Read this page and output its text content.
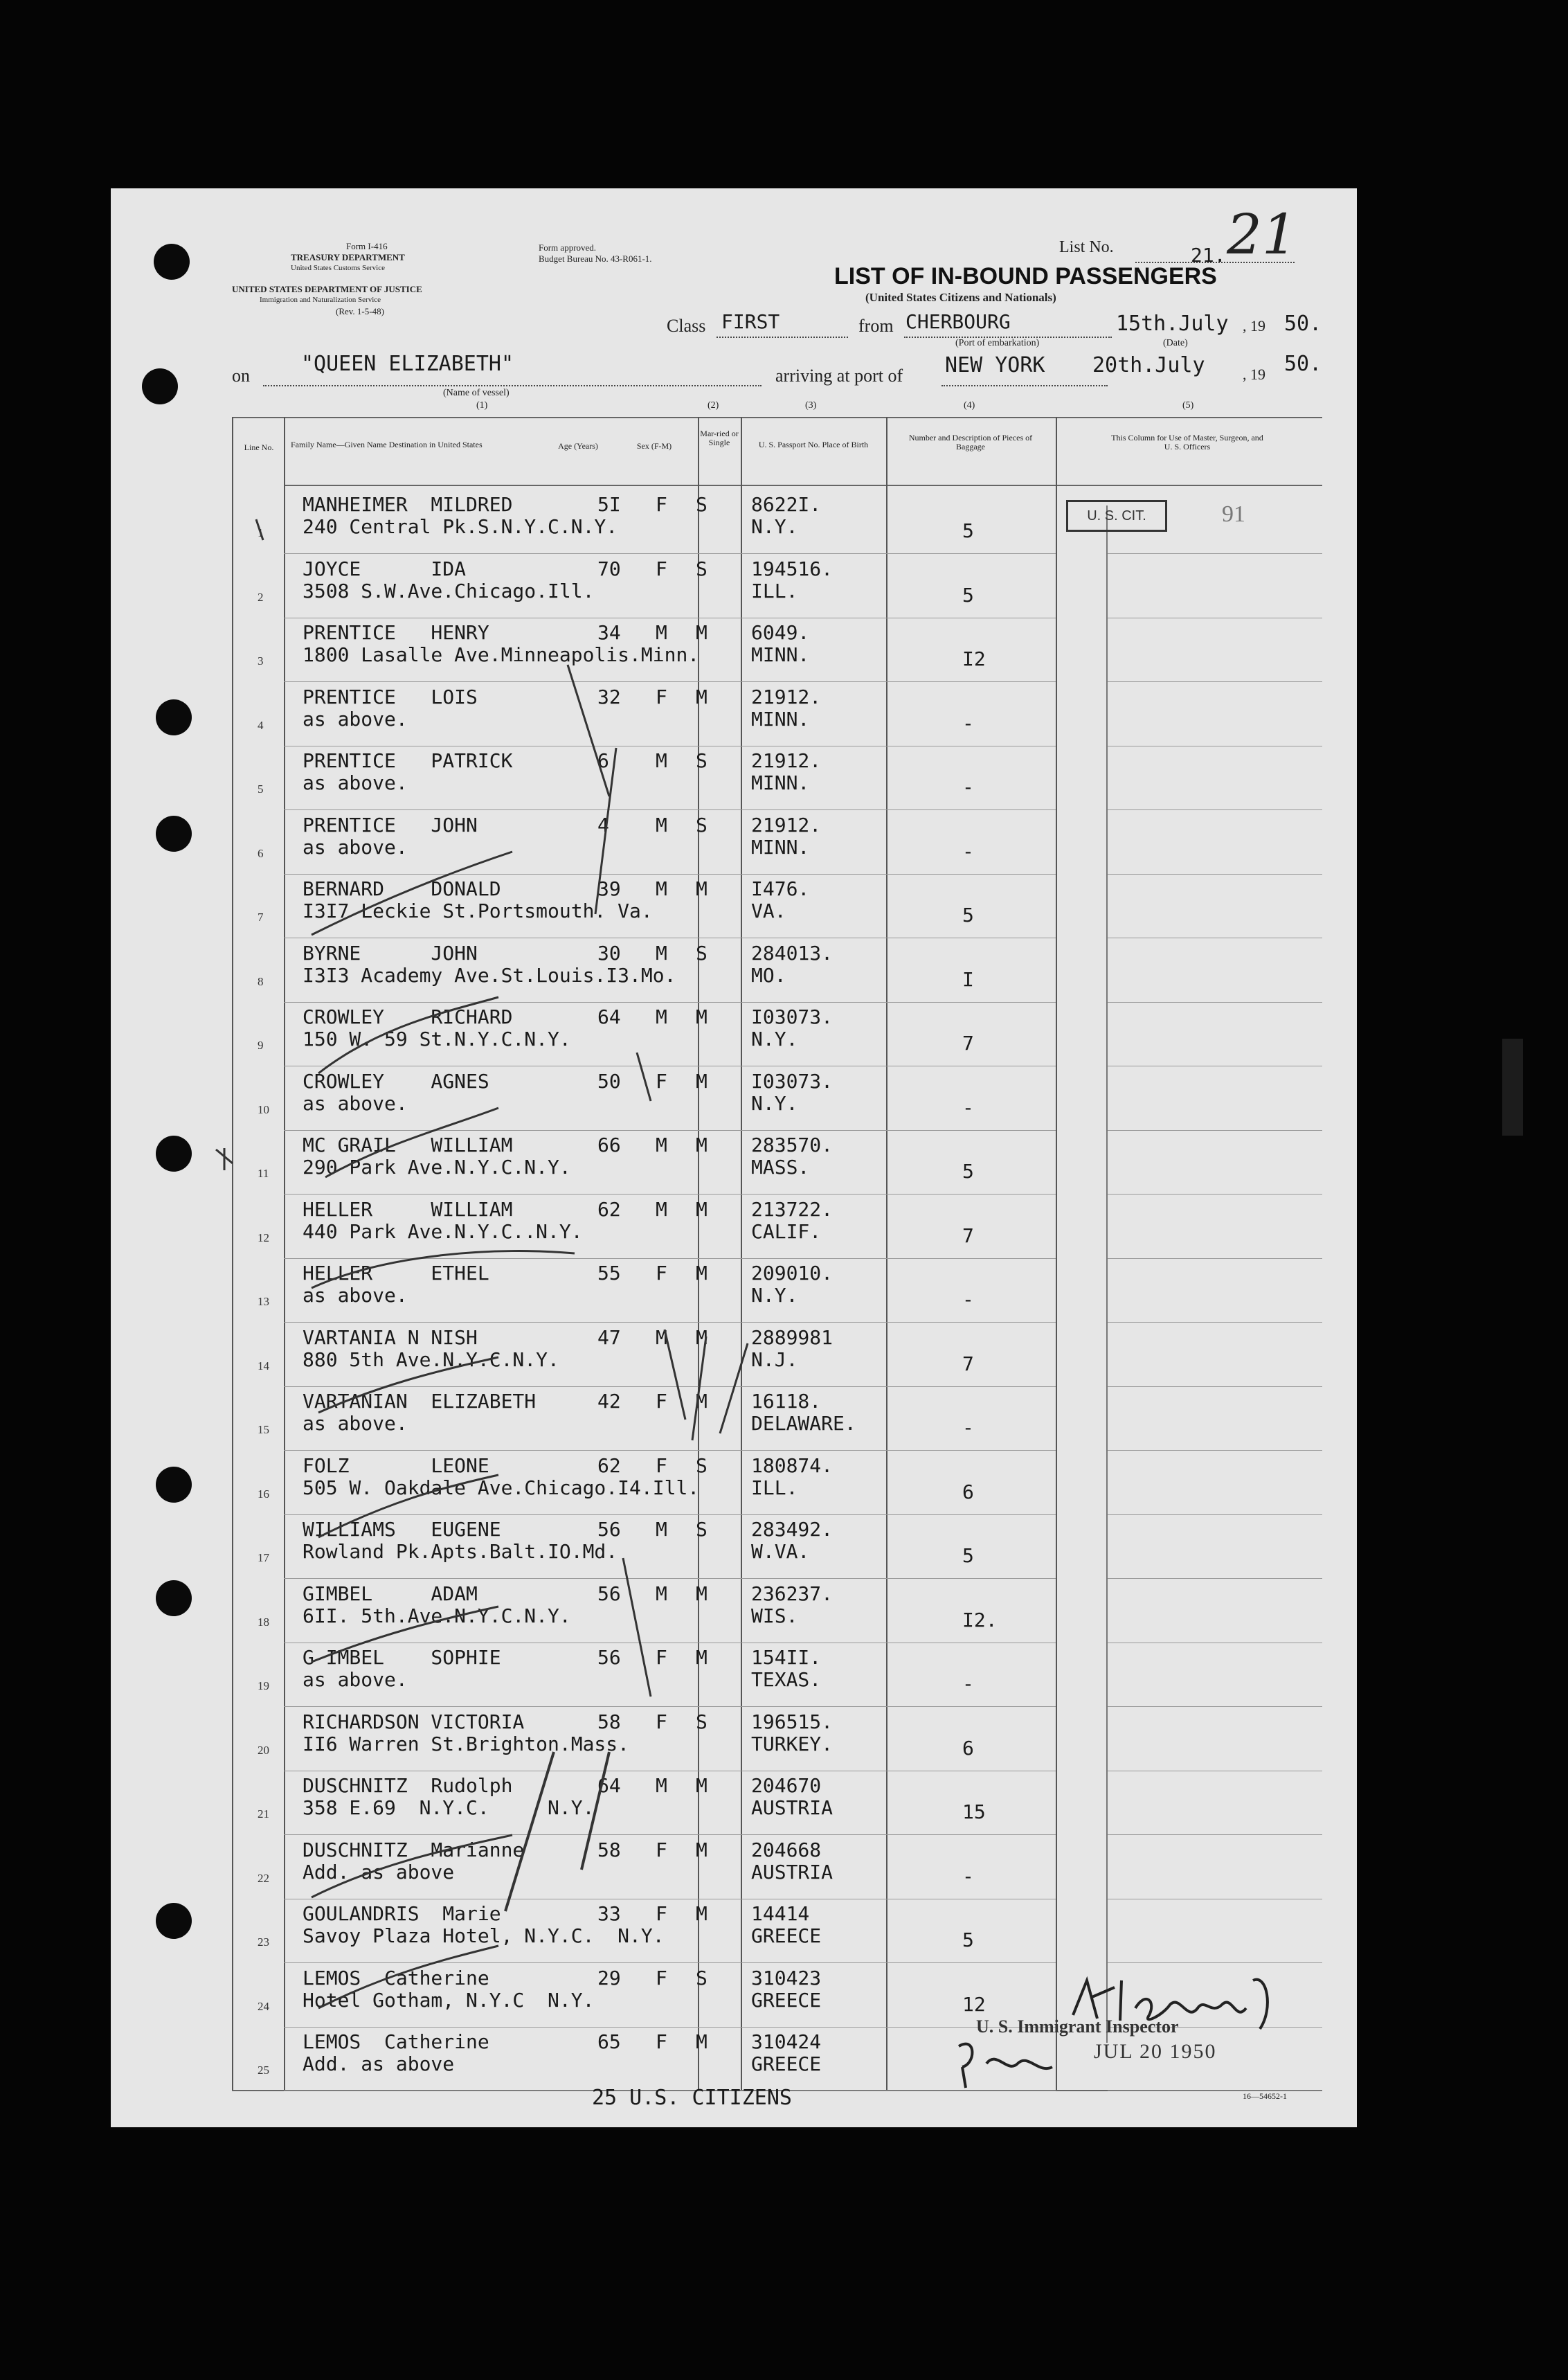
Form I-416
TREASURY DEPARTMENT
United States Customs Service
Form approved.
Budget Bureau No. 43-R061-1.
UNITED STATES DEPARTMENT OF JUSTICE
Immigration and Naturalization Service
(Rev. 1-5-48)
List No.	21. 21
LIST OF IN-BOUND PASSENGERS
(United States Citizens and Nationals)
Class FIRST	from CHERBOURG	15th.July , 19 50.
(Port of embarkation)	(Date)
on "QUEEN ELIZABETH"
(Name of vessel)
arriving at port of NEW YORK 20th.July , 19 50.
(1)	(2)	(3)	(4)	(5)
Line No.	Family Name—Given Name Destination in United States	Age (Years)	Sex (F-M)
Mar-ried or Single	U. S. Passport No. Place of Birth
Number and Description of Pieces of Baggage
This Column for Use of Master, Surgeon, and U. S. Officers
U. S. CIT.	91
1
MANHEIMER  MILDRED	5I F S 8622I.
240 Central Pk.S.N.Y.C.N.Y.	N.Y.	5
2
JOYCE      IDA	70 F S 194516.
3508 S.W.Ave.Chicago.Ill.	ILL.	5
3
PRENTICE   HENRY	34 M M 6049.
1800 Lasalle Ave.Minneapolis.Minn.	MINN.	I2
4
PRENTICE   LOIS	32 F M 21912.
as above.	MINN.	-
5
PRENTICE   PATRICK	6 M S 21912.
as above.	MINN.	-
6
PRENTICE   JOHN	4 M S 21912.
as above.	MINN.	-
7
BERNARD    DONALD	39 M M I476.
I3I7 Leckie St.Portsmouth. Va.	VA.	5
8
BYRNE      JOHN	30 M S 284013.
I3I3 Academy Ave.St.Louis.I3.Mo.	MO.	I
9
CROWLEY    RICHARD	64 M M I03073.
150 W. 59 St.N.Y.C.N.Y.	N.Y.	7
10
CROWLEY    AGNES	50 F M I03073.
as above.	N.Y.	-
11
MC GRAIL   WILLIAM	66 M M 283570.
290 Park Ave.N.Y.C.N.Y.	MASS.	5
12
HELLER     WILLIAM	62 M M 213722.
440 Park Ave.N.Y.C..N.Y.	CALIF.	7
13
HELLER     ETHEL	55 F M 209010.
as above.	N.Y.	-
14
VARTANIA N NISH	47 M M 2889981
880 5th Ave.N.Y.C.N.Y.	N.J.	7
15
VARTANIAN  ELIZABETH	42 F M 16118.
as above.	DELAWARE.	-
16
FOLZ       LEONE	62 F S 180874.
505 W. Oakdale Ave.Chicago.I4.Ill.	ILL.	6
17
WILLIAMS   EUGENE	56 M S 283492.
Rowland Pk.Apts.Balt.IO.Md.	W.VA.	5
18
GIMBEL     ADAM	56 M M 236237.
6II. 5th.Ave.N.Y.C.N.Y.	WIS.	I2.
19
G IMBEL    SOPHIE	56 F M 154II.
as above.	TEXAS.	-
20
RICHARDSON VICTORIA	58 F S 196515.
II6 Warren St.Brighton.Mass.	TURKEY.	6
21
DUSCHNITZ  Rudolph	64 M M 204670
358 E.69  N.Y.C.     N.Y.	AUSTRIA	15
22
DUSCHNITZ  Marianne	58 F M 204668
Add. as above	AUSTRIA	-
23
GOULANDRIS  Marie	33 F M 14414
Savoy Plaza Hotel, N.Y.C.  N.Y.	GREECE	5
24
LEMOS  Catherine	29 F S 310423
Hotel Gotham, N.Y.C  N.Y.	GREECE	12
25
LEMOS  Catherine	65 F M 310424
Add. as above	GREECE
25 U.S. CITIZENS	16—54652-1
U. S. Immigrant Inspector
JUL 20 1950
